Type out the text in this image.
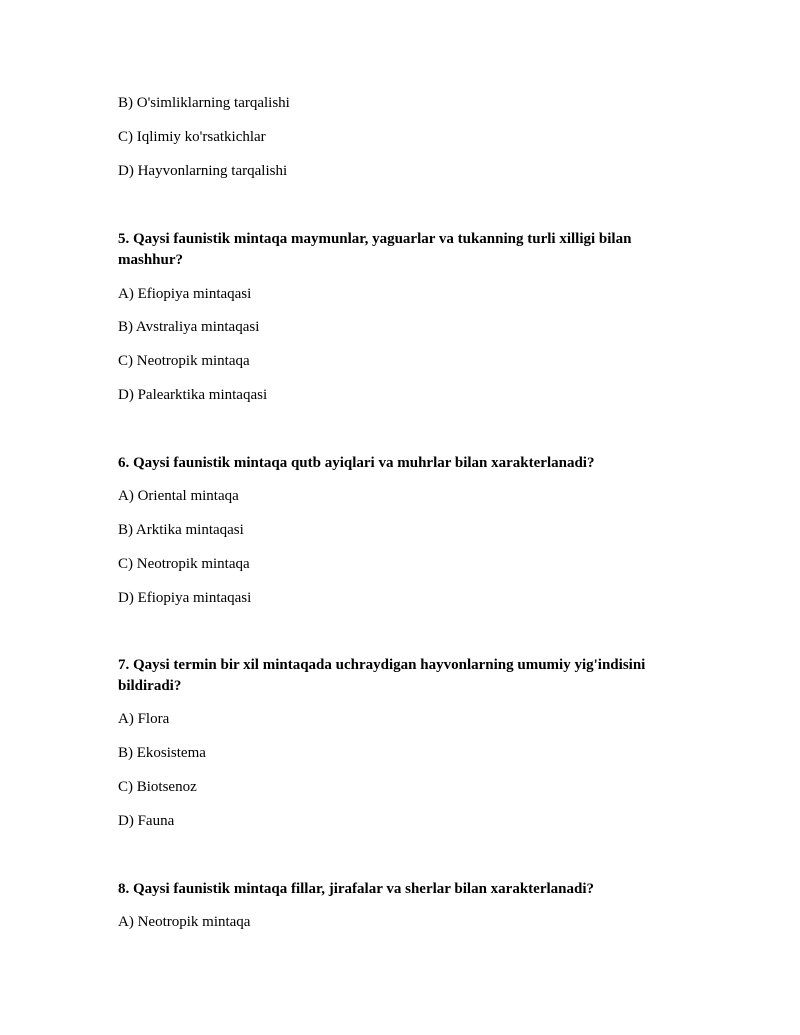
B) O'simliklarning tarqalishi
C) Iqlimiy ko'rsatkichlar
D) Hayvonlarning tarqalishi
5. Qaysi faunistik mintaqa maymunlar, yaguarlar va tukanning turli xilligi bilan mashhur?
A) Efiopiya mintaqasi
B) Avstraliya mintaqasi
C) Neotropik mintaqa
D) Palearktika mintaqasi
6. Qaysi faunistik mintaqa qutb ayiqlari va muhrlar bilan xarakterlanadi?
A) Oriental mintaqa
B) Arktika mintaqasi
C) Neotropik mintaqa
D) Efiopiya mintaqasi
7. Qaysi termin bir xil mintaqada uchraydigan hayvonlarning umumiy yig'indisini bildiradi?
A) Flora
B) Ekosistema
C) Biotsenoz
D) Fauna
8. Qaysi faunistik mintaqa fillar, jirafalar va sherlar bilan xarakterlanadi?
A) Neotropik mintaqa
